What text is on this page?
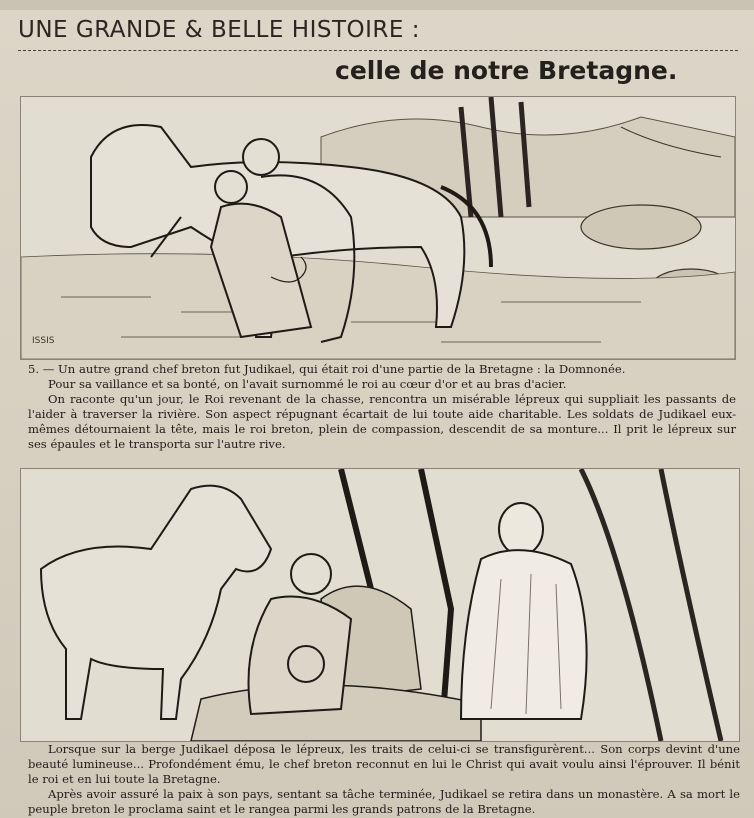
UNE GRANDE & BELLE HISTOIRE :
celle de notre Bretagne.
ISSIS

5. — Un autre grand chef breton fut Judikael, qui était roi d'une partie de la Bretagne : la Domnonée.

Pour sa vaillance et sa bonté, on l'avait surnommé le roi au cœur d'or et au bras d'acier.

On raconte qu'un jour, le Roi revenant de la chasse, rencontra un misérable lépreux qui suppliait les passants de l'aider à traverser la rivière. Son aspect répugnant écartait de lui toute aide charitable. Les soldats de Judikael eux-mêmes détournaient la tête, mais le roi breton, plein de compassion, descendit de sa monture... Il prit le lépreux sur ses épaules et le transporta sur l'autre rive.

Lorsque sur la berge Judikael déposa le lépreux, les traits de celui-ci se transfigurèrent... Son corps devint d'une beauté lumineuse... Profondément ému, le chef breton reconnut en lui le Christ qui avait voulu ainsi l'éprouver. Il bénit le roi et en lui toute la Bretagne.

Après avoir assuré la paix à son pays, sentant sa tâche terminée, Judikael se retira dans un monastère. A sa mort le peuple breton le proclama saint et le rangea parmi les grands patrons de la Bretagne.
